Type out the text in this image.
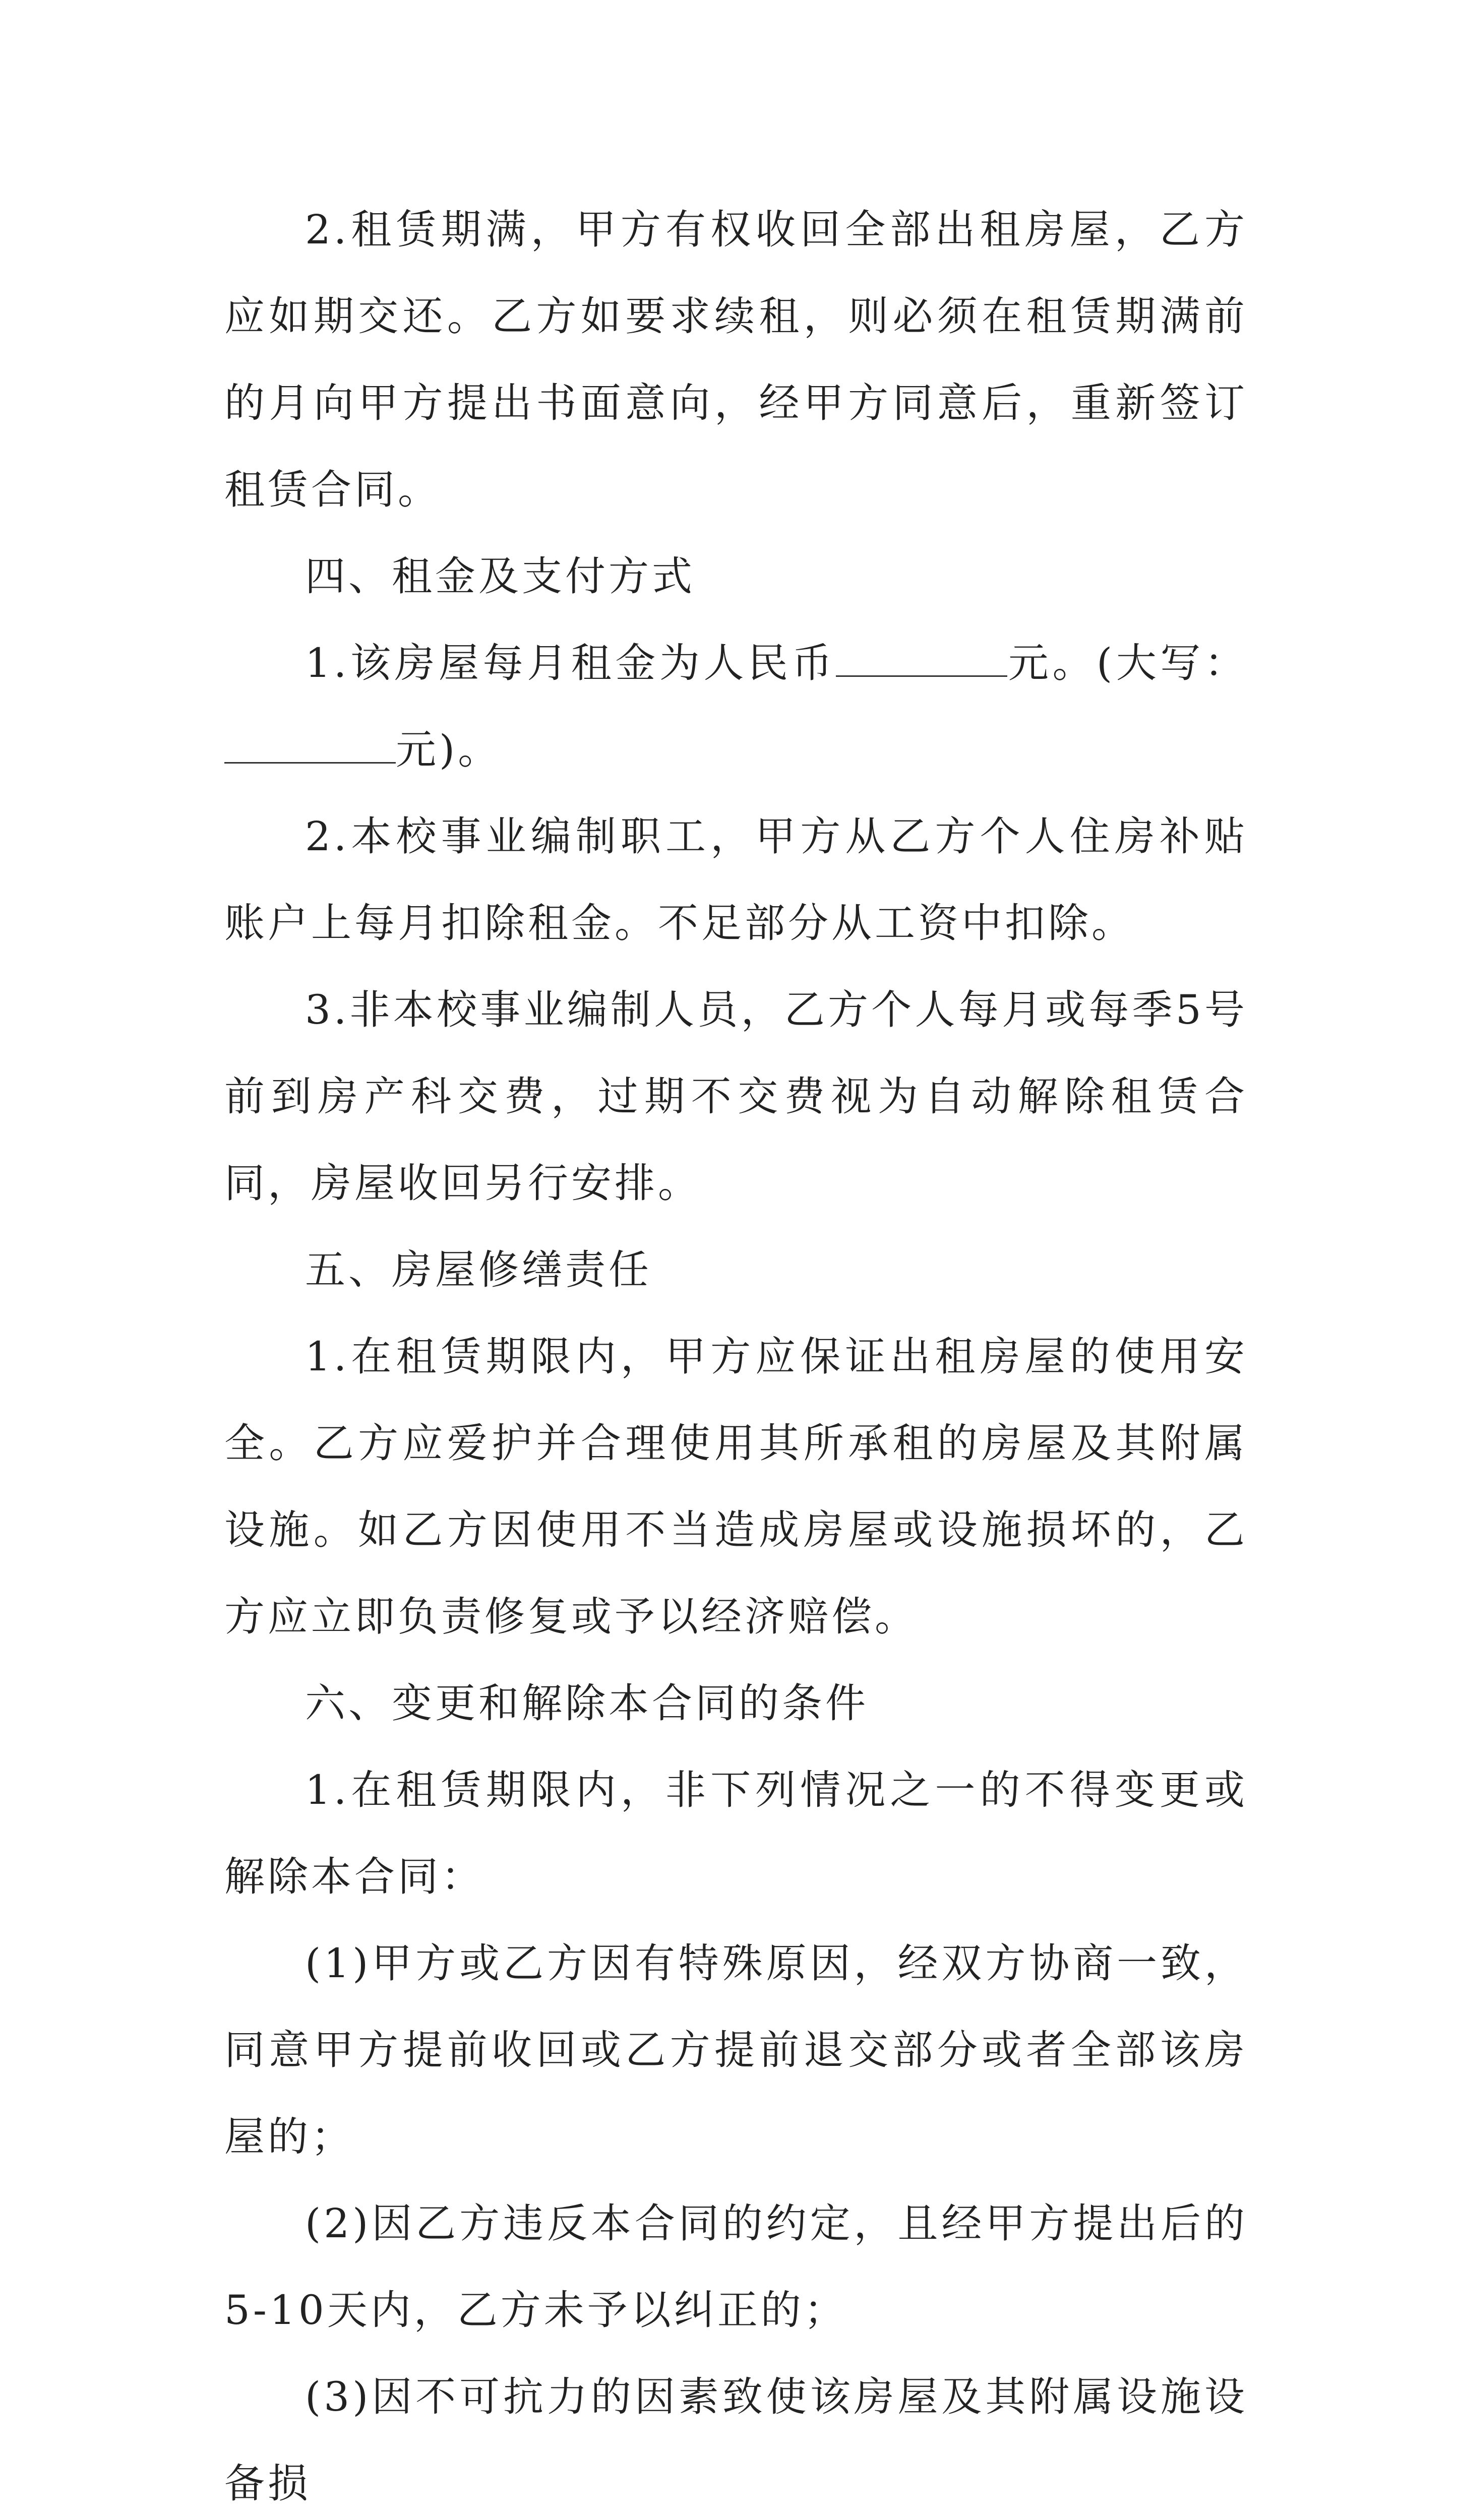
2.租赁期满，甲方有权收回全部出租房屋，乙方应如期交还。乙方如要求续租，则必须在租赁期满前的月向甲方提出书面意向，经甲方同意后，重新签订租赁合同。

四、租金及支付方式

1.该房屋每月租金为人民币	元。(大写：元)。

2.本校事业编制职工，甲方从乙方个人住房补贴账户上每月扣除租金。不足部分从工资中扣除。

3.非本校事业编制人员，乙方个人每月或每季5号前到房产科交费，过期不交费视为自动解除租赁合同，房屋收回另行安排。

五、房屋修缮责任

1.在租赁期限内，甲方应保证出租房屋的使用安全。乙方应爱护并合理使用其所承租的房屋及其附属设施。如乙方因使用不当造成房屋或设施损坏的，乙方应立即负责修复或予以经济赔偿。

六、变更和解除本合同的条件

1.在租赁期限内，非下列情况之一的不得变更或解除本合同：

(1)甲方或乙方因有特殊原因，经双方协商一致，同意甲方提前收回或乙方提前退交部分或者全部该房屋的；

(2)因乙方违反本合同的约定，且经甲方提出后的5-10天内，乙方未予以纠正的；

(3)因不可抗力的因素致使该房屋及其附属设施设备损
